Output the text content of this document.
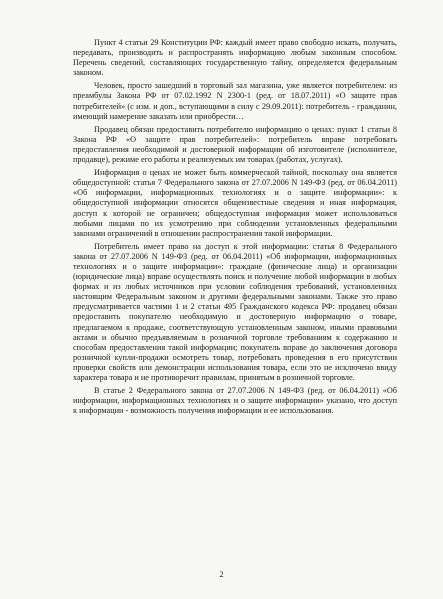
Пункт 4 статьи 29 Конституции РФ: каждый имеет право свободно искать, получать, передавать, производить и распространять информацию любым законным способом. Перечень сведений, составляющих государственную тайну, определяется федеральным законом.

Человек, просто зашедший в торговый зал магазина, уже является потребителем: из преамбулы Закона РФ от 07.02.1992 N 2300-1 (ред. от 18.07.2011) «О защите прав потребителей» (с изм. и доп., вступающими в силу с 29.09.2011): потребитель - гражданин, имеющий намерение заказать или приобрести…

Продавец обязан предоставить потребителю информацию о ценах: пункт 1 статьи 8 Закона РФ «О защите прав потребителей»: потребитель вправе потребовать предоставления необходимой и достоверной информации об изготовителе (исполнителе, продавце), режиме его работы и реализуемых им товарах (работах, услугах).

Информация о ценах не может быть коммерческой тайной, поскольку она является общедоступной: статья 7 Федерального закона от 27.07.2006 N 149-ФЗ (ред. от 06.04.2011) «Об информации, информационных технологиях и о защите информации»: к общедоступной информации относятся общеизвестные сведения и иная информация, доступ к которой не ограничен; общедоступная информация может использоваться любыми лицами по их усмотрению при соблюдении установленных федеральными законами ограничений в отношении распространения такой информации.

Потребитель имеет право на доступ к этой информации: статья 8 Федерального закона от 27.07.2006 N 149-ФЗ (ред. от 06.04.2011) «Об информации, информационных технологиях и о защите информации»: граждане (физические лица) и организации (юридические лица) вправе осуществлять поиск и получение любой информации в любых формах и из любых источников при условии соблюдения требований, установленных настоящим Федеральным законом и другими федеральными законами. Также это право предусматривается частями 1 и 2 статьи 495 Гражданского кодекса РФ: продавец обязан предоставить покупателю необходимую и достоверную информацию о товаре, предлагаемом к продаже, соответствующую установленным законом, иными правовыми актами и обычно предъявляемым в розничной торговле требованиям к содержанию и способам предоставления такой информации; покупатель вправе до заключения договора розничной купли-продажи осмотреть товар, потребовать проведения в его присутствии проверки свойств или демонстрации использования товара, если это не исключено ввиду характера товара и не противоречит правилам, принятым в розничной торговле.

В статье 2 Федерального закона от 27.07.2006 N 149-ФЗ (ред. от 06.04.2011) «Об информации, информационных технологиях и о защите информации» указано, что доступ к информации - возможность получения информации и ее использования.

2
